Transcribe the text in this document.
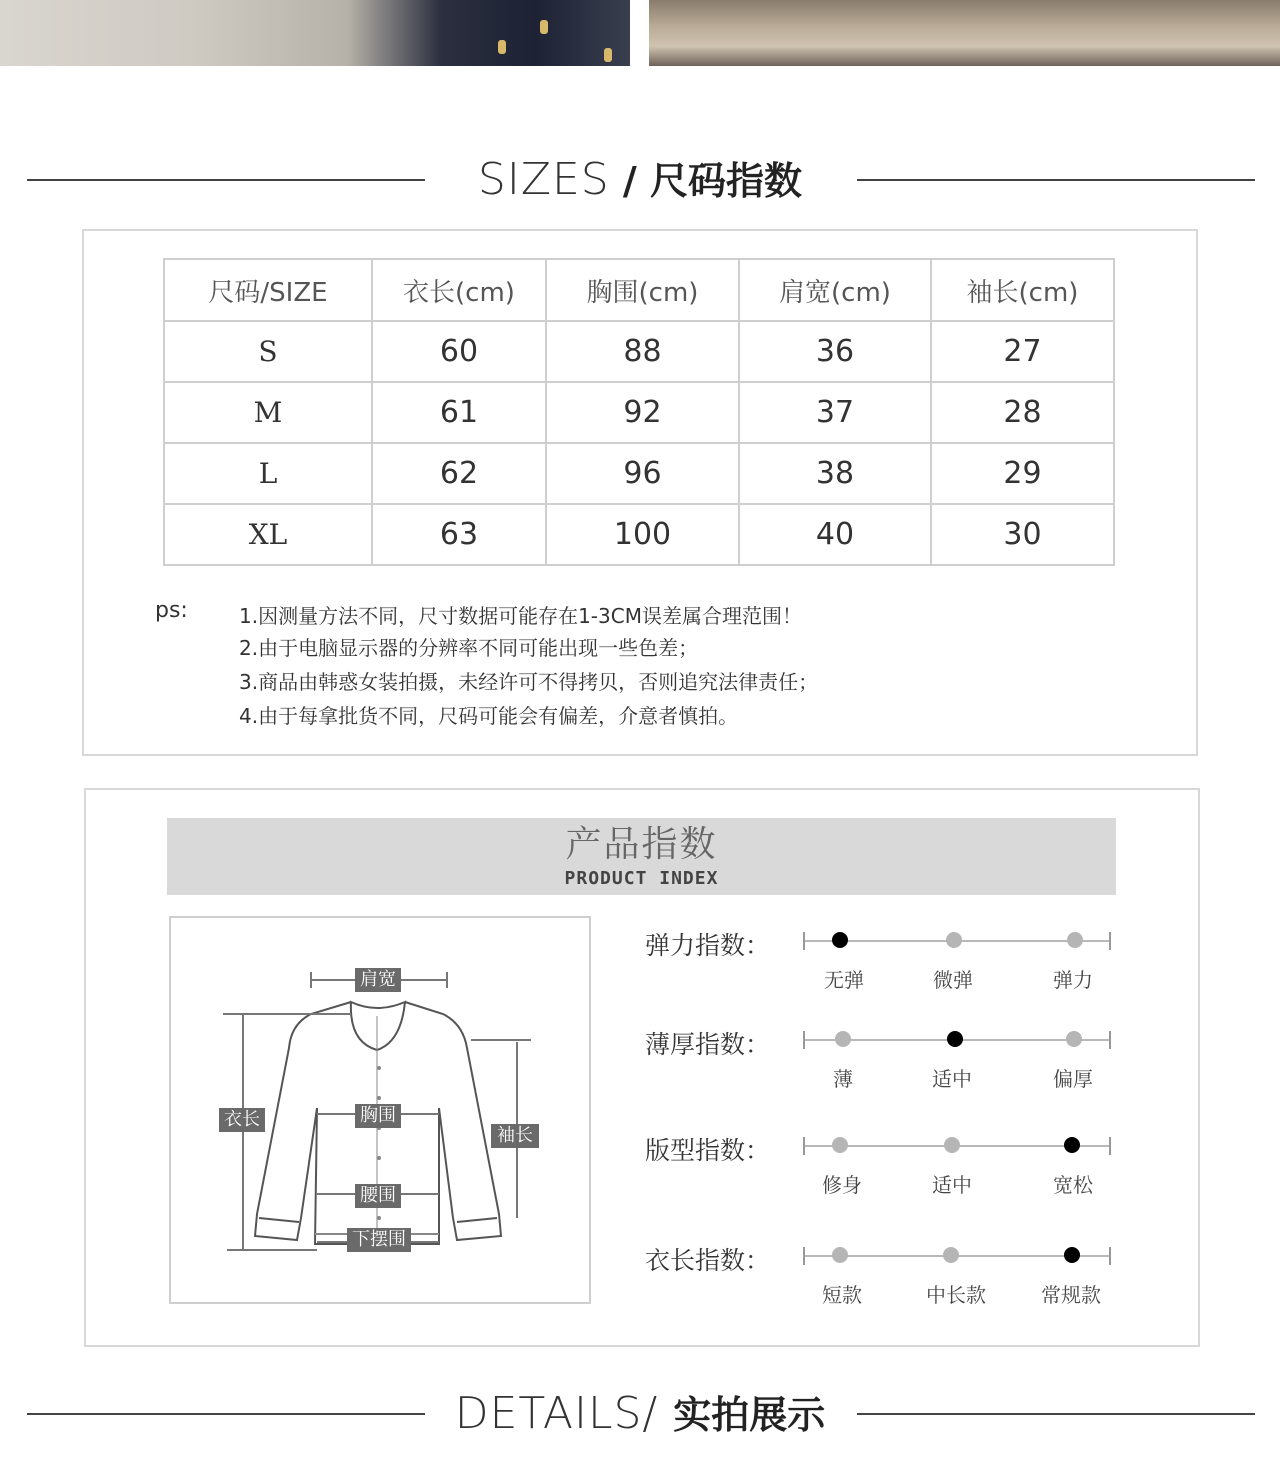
SIZES / 尺码指数
尺码/SIZE	衣长(cm)	胸围(cm)	肩宽(cm)	袖长(cm)
S	60	88	36	27
M	61	92	37	28
L	62	96	38	29
XL	63	100	40	30
ps:	1.因测量方法不同，尺寸数据可能存在1-3CM误差属合理范围！
2.由于电脑显示器的分辨率不同可能出现一些色差；
3.商品由韩惑女装拍摄，未经许可不得拷贝，否则追究法律责任；
4.由于每拿批货不同，尺码可能会有偏差，介意者慎拍。
产品指数
PRODUCT INDEX
肩宽
衣长	胸围
袖长
腰围
下摆围
弹力指数：
无弹	微弹	弹力
薄厚指数：
薄	适中	偏厚
版型指数：
修身	适中	宽松
衣长指数：
短款	中长款	常规款
DETAILS/ 实拍展示
